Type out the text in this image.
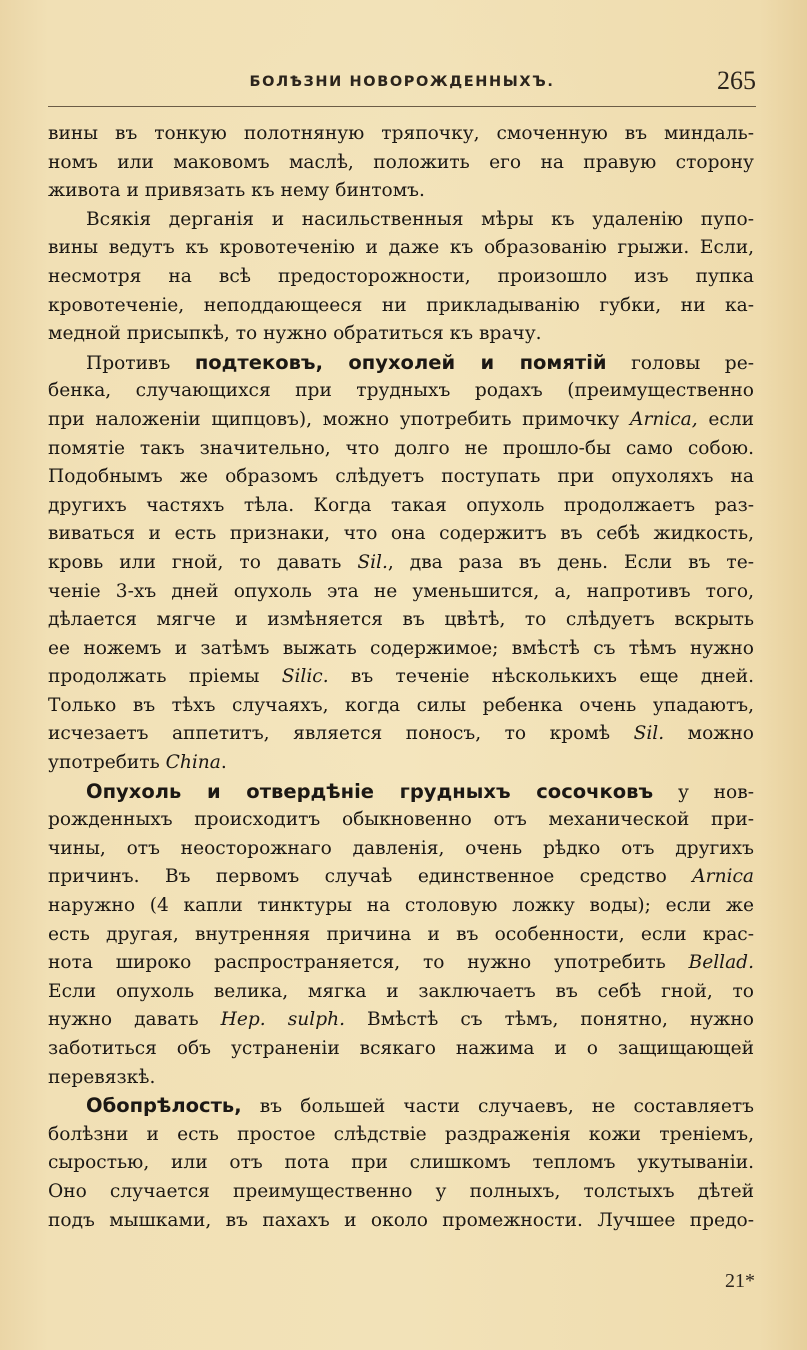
БОЛѢЗНИ НОВОРОЖДЕННЫХЪ.	265
вины въ тонкую полотняную тряпочку, смоченную въ миндаль-
номъ или маковомъ маслѣ, положить его на правую сторону
живота и привязать къ нему бинтомъ.
Всякія дерганія и насильственныя мѣры къ удаленію пупо-
вины ведутъ къ кровотеченію и даже къ образованію грыжи. Если,
несмотря на всѣ предосторожности, произошло изъ пупка
кровотеченіе, неподдающееся ни прикладыванію губки, ни ка-
медной присыпкѣ, то нужно обратиться къ врачу.
Противъ подтековъ, опухолей и помятій головы ре-
бенка, случающихся при трудныхъ родахъ (преимущественно
при наложеніи щипцовъ), можно употребить примочку Arnica, если
помятіе такъ значительно, что долго не прошло-бы само собою.
Подобнымъ же образомъ слѣдуетъ поступать при опухоляхъ на
другихъ частяхъ тѣла. Когда такая опухоль продолжаетъ раз-
виваться и есть признаки, что она содержитъ въ себѣ жидкость,
кровь или гной, то давать Sil., два раза въ день. Если въ те-
ченіе 3-хъ дней опухоль эта не уменьшится, а, напротивъ того,
дѣлается мягче и измѣняется въ цвѣтѣ, то слѣдуетъ вскрыть
ее ножемъ и затѣмъ выжать содержимое; вмѣстѣ съ тѣмъ нужно
продолжать пріемы Silic. въ теченіе нѣсколькихъ еще дней.
Только въ тѣхъ случаяхъ, когда силы ребенка очень упадаютъ,
исчезаетъ аппетитъ, является поносъ, то кромѣ Sil. можно
употребить China.
Опухоль и отвердѣніе грудныхъ сосочковъ у нов-
рожденныхъ происходитъ обыкновенно отъ механической при-
чины, отъ неосторожнаго давленія, очень рѣдко отъ другихъ
причинъ. Въ первомъ случаѣ единственное средство Arnica
наружно (4 капли тинктуры на столовую ложку воды); если же
есть другая, внутренняя причина и въ особенности, если крас-
нота широко распространяется, то нужно употребить Bellad.
Если опухоль велика, мягка и заключаетъ въ себѣ гной, то
нужно давать Hep. sulph. Вмѣстѣ съ тѣмъ, понятно, нужно
заботиться объ устраненіи всякаго нажима и о защищающей
перевязкѣ.
Обопрѣлость, въ большей части случаевъ, не составляетъ
болѣзни и есть простое слѣдствіе раздраженія кожи треніемъ,
сыростью, или отъ пота при слишкомъ тепломъ укутываніи.
Оно случается преимущественно у полныхъ, толстыхъ дѣтей
подъ мышками, въ пахахъ и около промежности. Лучшее предо-
21*
